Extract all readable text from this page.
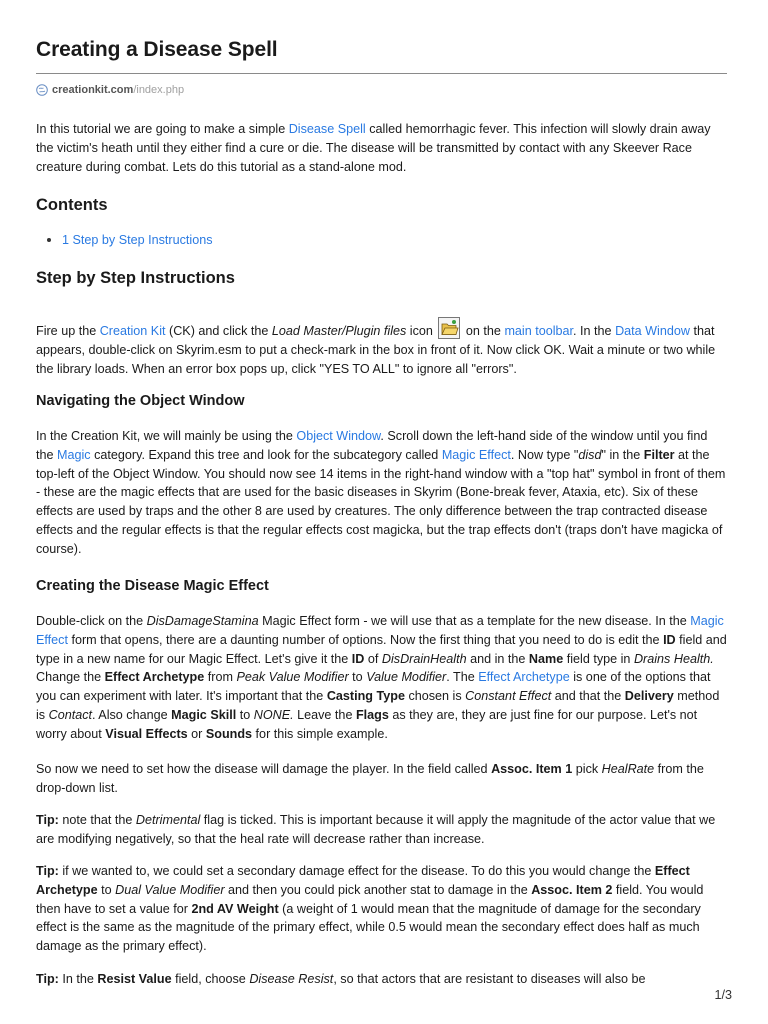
Creating a Disease Spell
creationkit.com /index.php

In this tutorial we are going to make a simple Disease Spell called hemorrhagic fever. This infection will slowly drain away the victim's heath until they either find a cure or die. The disease will be transmitted by contact with any Skeever Race creature during combat. Lets do this tutorial as a stand-alone mod.

Contents
1 Step by Step Instructions
Step by Step Instructions

Fire up the Creation Kit (CK) and click the Load Master/Plugin files icon  on the main toolbar. In the Data Window that appears, double-click on Skyrim.esm to put a check-mark in the box in front of it. Now click OK. Wait a minute or two while the library loads. When an error box pops up, click "YES TO ALL" to ignore all "errors".

Navigating the Object Window

In the Creation Kit, we will mainly be using the Object Window. Scroll down the left-hand side of the window until you find the Magic category. Expand this tree and look for the subcategory called Magic Effect. Now type "disd" in the Filter at the top-left of the Object Window. You should now see 14 items in the right-hand window with a "top hat" symbol in front of them - these are the magic effects that are used for the basic diseases in Skyrim (Bone-break fever, Ataxia, etc). Six of these effects are used by traps and the other 8 are used by creatures. The only difference between the trap contracted disease effects and the regular effects is that the regular effects cost magicka, but the trap effects don't (traps don't have magicka of course).

Creating the Disease Magic Effect

Double-click on the DisDamageStamina Magic Effect form - we will use that as a template for the new disease. In the Magic Effect form that opens, there are a daunting number of options. Now the first thing that you need to do is edit the ID field and type in a new name for our Magic Effect. Let's give it the ID of DisDrainHealth and in the Name field type in Drains Health. Change the Effect Archetype from Peak Value Modifier to Value Modifier. The Effect Archetype is one of the options that you can experiment with later. It's important that the Casting Type chosen is Constant Effect and that the Delivery method is Contact. Also change Magic Skill to NONE. Leave the Flags as they are, they are just fine for our purpose. Let's not worry about Visual Effects or Sounds for this simple example.

So now we need to set how the disease will damage the player. In the field called Assoc. Item 1 pick HealRate from the drop-down list.

Tip: note that the Detrimental flag is ticked. This is important because it will apply the magnitude of the actor value that we are modifying negatively, so that the heal rate will decrease rather than increase.

Tip: if we wanted to, we could set a secondary damage effect for the disease. To do this you would change the Effect Archetype to Dual Value Modifier and then you could pick another stat to damage in the Assoc. Item 2 field. You would then have to set a value for 2nd AV Weight (a weight of 1 would mean that the magnitude of damage for the secondary effect is the same as the magnitude of the primary effect, while 0.5 would mean the secondary effect does half as much damage as the primary effect).

Tip: In the Resist Value field, choose Disease Resist, so that actors that are resistant to diseases will also be

1/3
